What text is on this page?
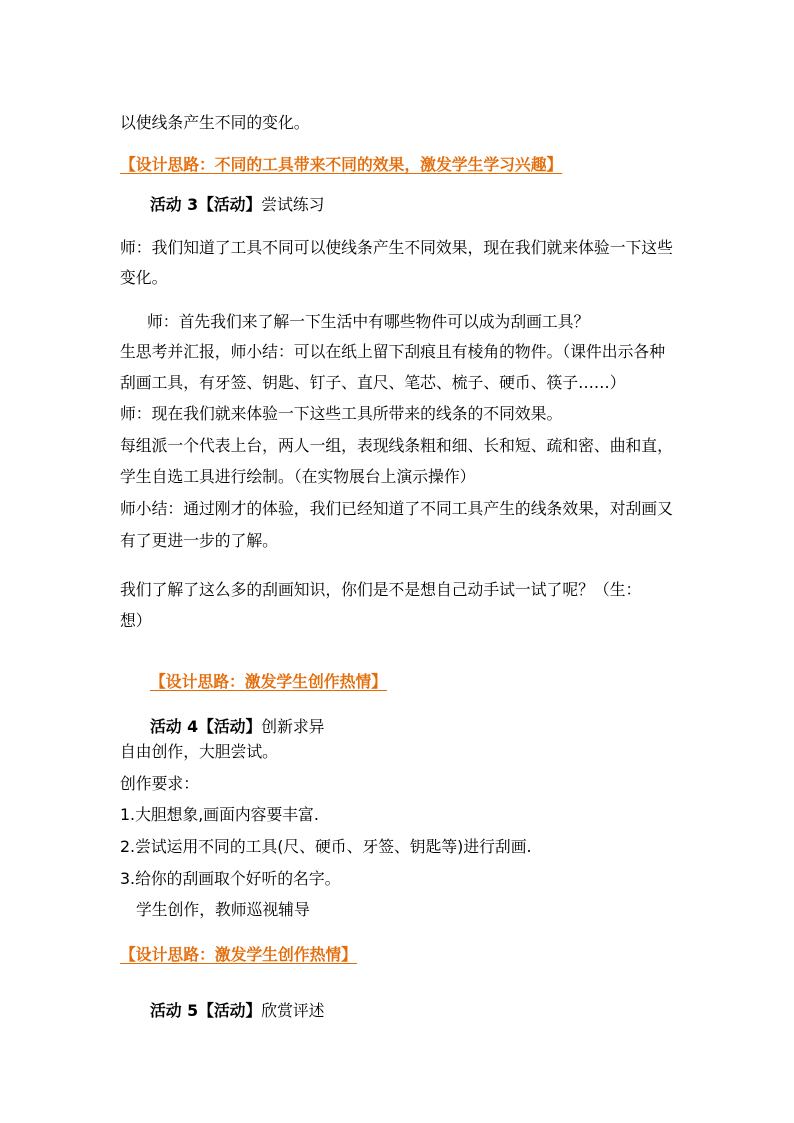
以使线条产生不同的变化。
【设计思路：不同的工具带来不同的效果，激发学生学习兴趣】
活动 3【活动】尝试练习
师：我们知道了工具不同可以使线条产生不同效果，现在我们就来体验一下这些
变化。
师：首先我们来了解一下生活中有哪些物件可以成为刮画工具？
生思考并汇报，师小结：可以在纸上留下刮痕且有棱角的物件。（课件出示各种
刮画工具，有牙签、钥匙、钉子、直尺、笔芯、梳子、硬币、筷子……）
师：现在我们就来体验一下这些工具所带来的线条的不同效果。
每组派一个代表上台，两人一组，表现线条粗和细、长和短、疏和密、曲和直，
学生自选工具进行绘制。（在实物展台上演示操作）
师小结：通过刚才的体验，我们已经知道了不同工具产生的线条效果，对刮画又
有了更进一步的了解。
我们了解了这么多的刮画知识，你们是不是想自己动手试一试了呢？（生：
想）
【设计思路：激发学生创作热情】
活动 4【活动】创新求异
自由创作，大胆尝试。
创作要求：
1.大胆想象,画面内容要丰富.
2.尝试运用不同的工具(尺、硬币、牙签、钥匙等)进行刮画.
3.给你的刮画取个好听的名字。
学生创作，教师巡视辅导
【设计思路：激发学生创作热情】
活动 5【活动】欣赏评述
